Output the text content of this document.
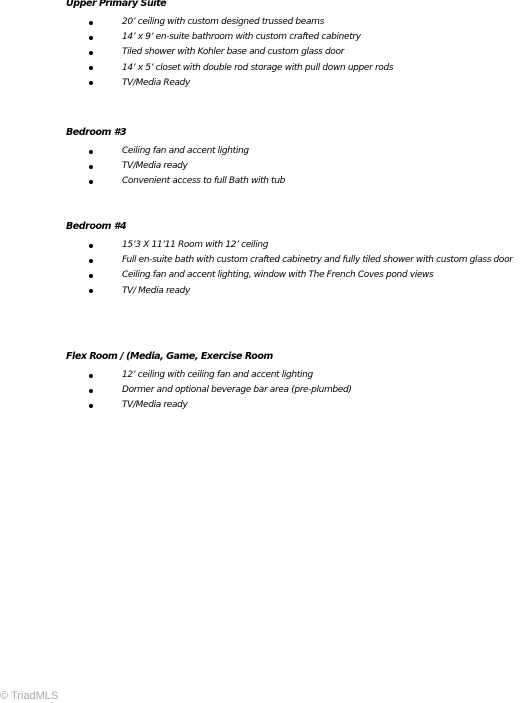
Upper Primary Suite

20’ ceiling with custom designed trussed beams
14’ x 9’ en-suite bathroom with custom crafted cabinetry
Tiled shower with Kohler base and custom glass door
14’ x 5’ closet with double rod storage with pull down upper rods
TV/Media Ready

Bedroom #3

Ceiling fan and accent lighting
TV/Media ready
Convenient access to full Bath with tub

Bedroom #4

15’3 X 11’11 Room with 12’ ceiling
Full en-suite bath with custom crafted cabinetry and fully tiled shower with custom glass door
Ceiling fan and accent lighting, window with The French Coves pond views
TV/ Media ready

Flex Room / (Media, Game, Exercise Room

12’ ceiling with ceiling fan and accent lighting
Dormer and optional beverage bar area (pre-plumbed)
TV/Media ready
© TriadMLS
